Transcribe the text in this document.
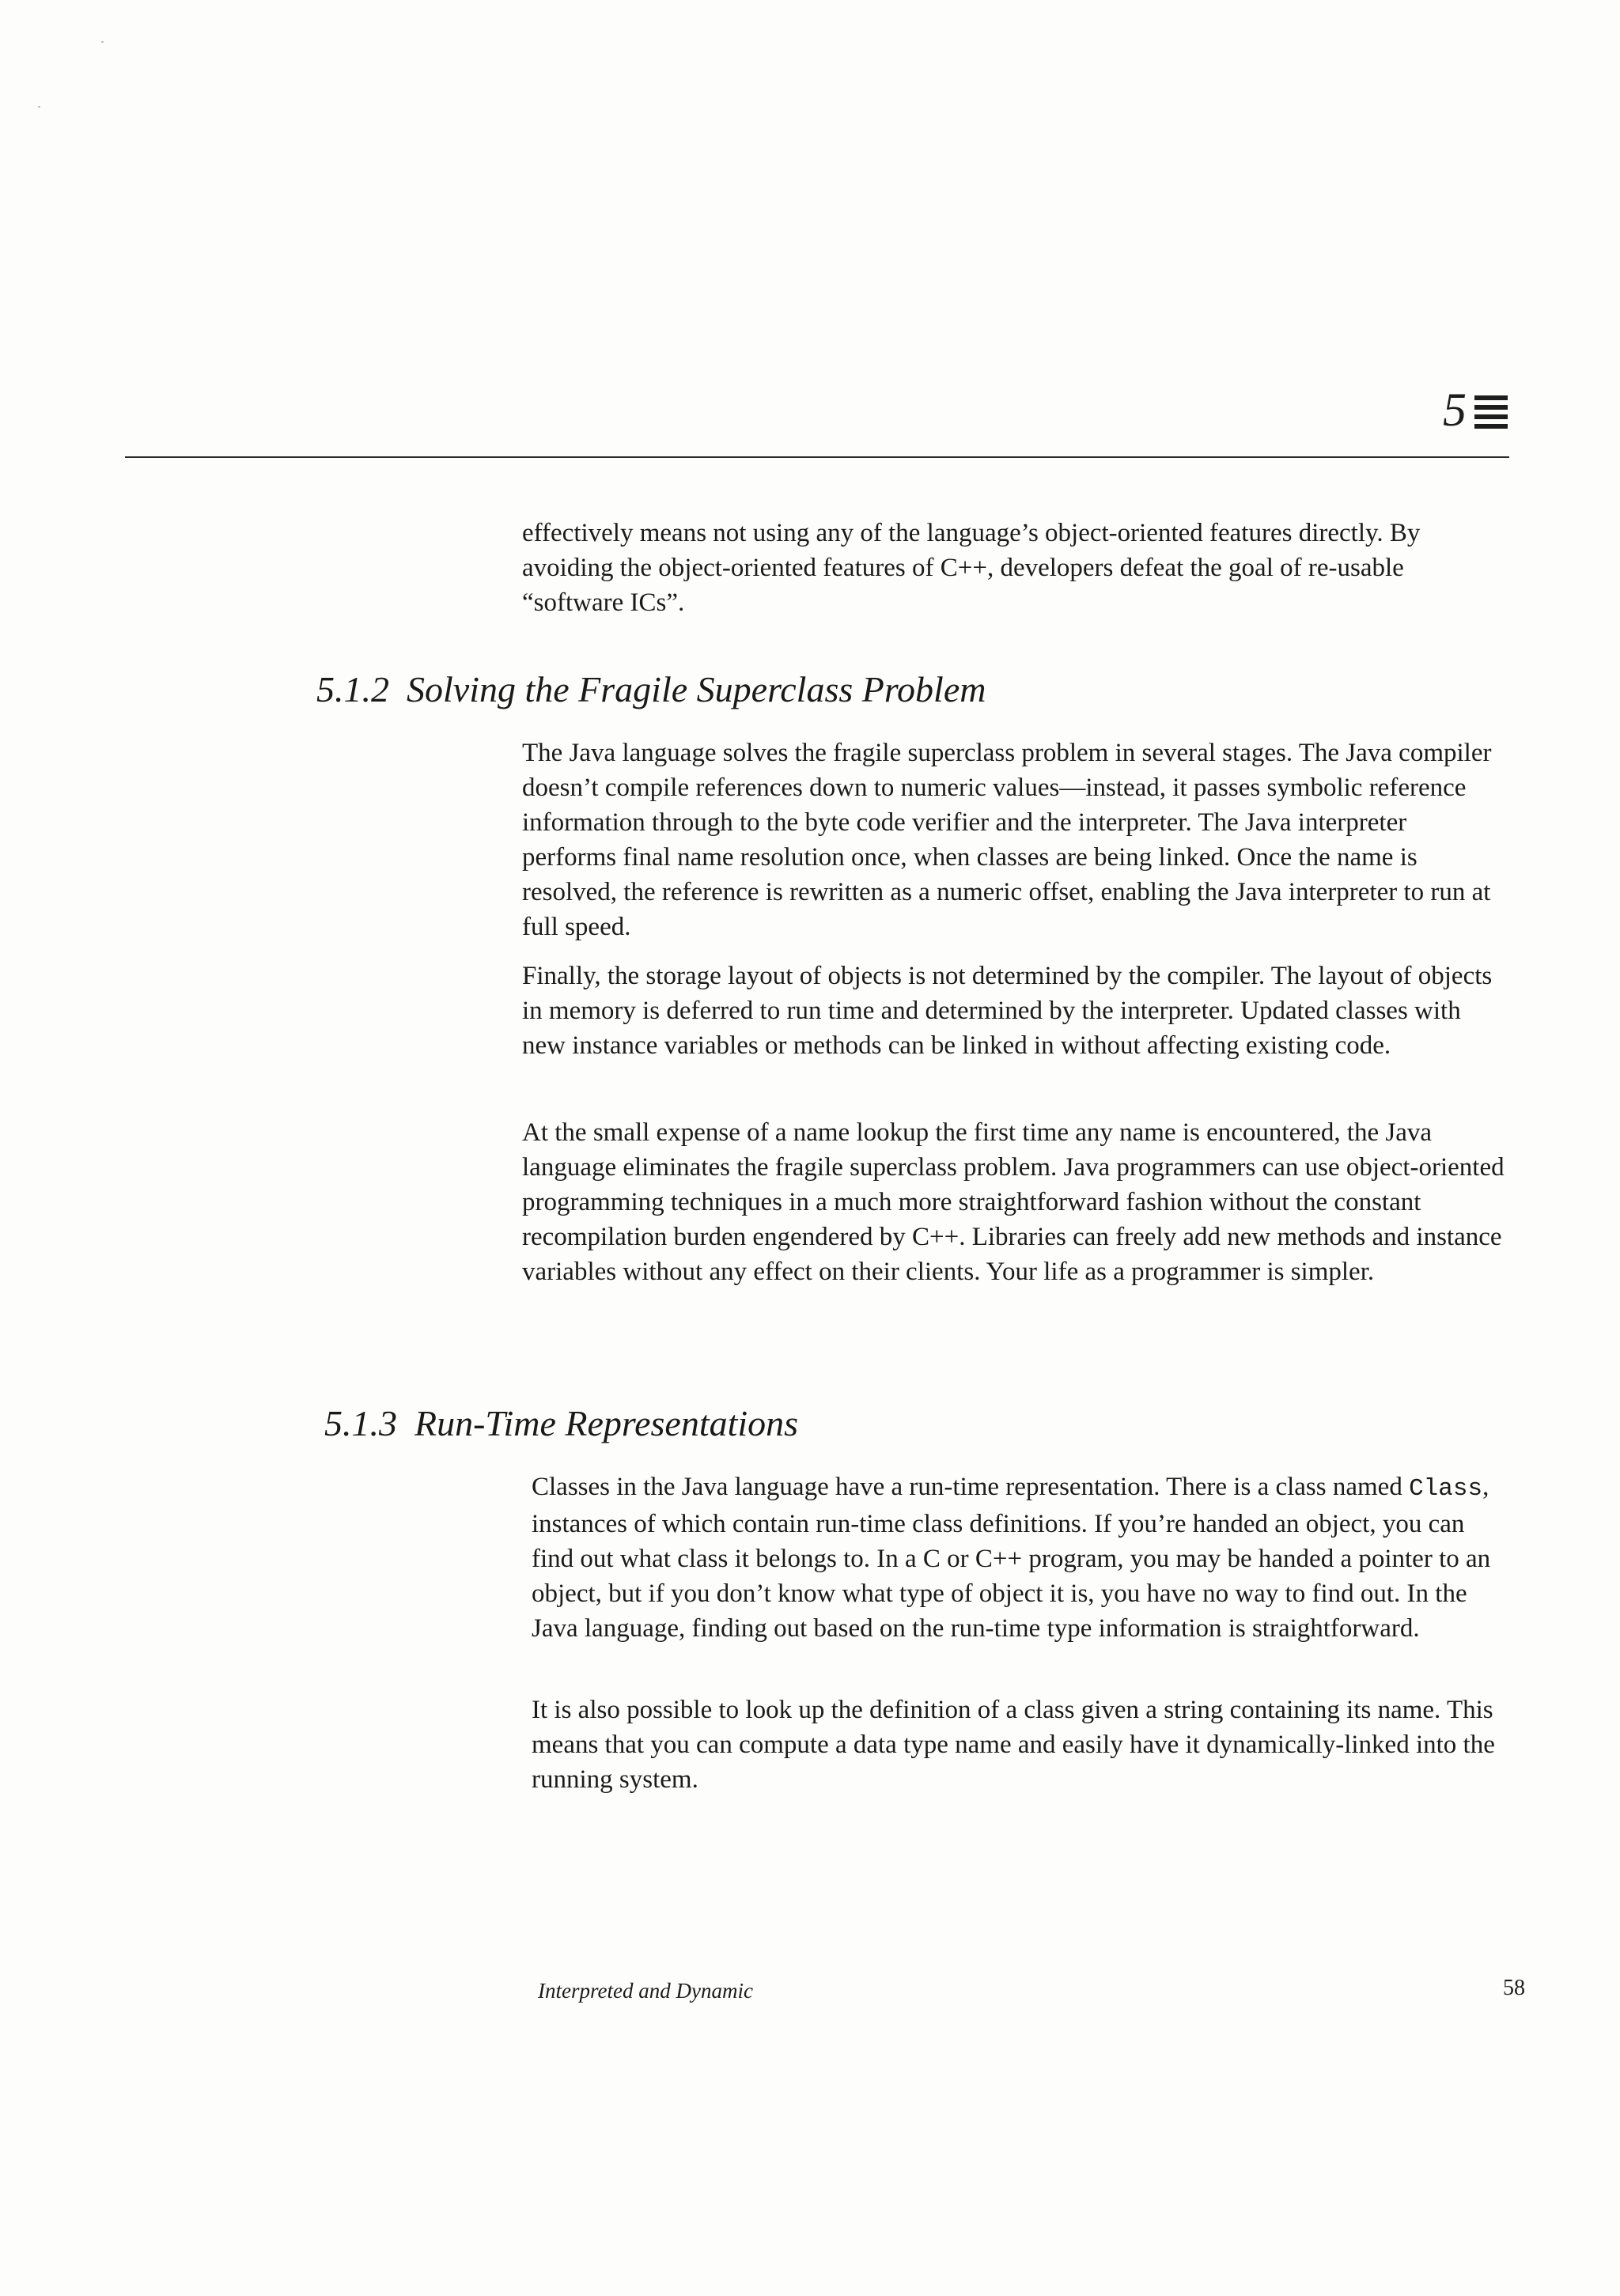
5

effectively means not using any of the language’s object-oriented features directly. By avoiding the object-oriented features of C++, developers defeat the goal of re-usable “software ICs”.

5.1.2 Solving the Fragile Superclass Problem

The Java language solves the fragile superclass problem in several stages. The Java compiler doesn’t compile references down to numeric values—instead, it passes symbolic reference information through to the byte code verifier and the interpreter. The Java interpreter performs final name resolution once, when classes are being linked. Once the name is resolved, the reference is rewritten as a numeric offset, enabling the Java interpreter to run at full speed.

Finally, the storage layout of objects is not determined by the compiler. The layout of objects in memory is deferred to run time and determined by the interpreter. Updated classes with new instance variables or methods can be linked in without affecting existing code.

At the small expense of a name lookup the first time any name is encountered, the Java language eliminates the fragile superclass problem. Java programmers can use object-oriented programming techniques in a much more straightforward fashion without the constant recompilation burden engendered by C++. Libraries can freely add new methods and instance variables without any effect on their clients. Your life as a programmer is simpler.

5.1.3 Run-Time Representations

Classes in the Java language have a run-time representation. There is a class named Class, instances of which contain run-time class definitions. If you’re handed an object, you can find out what class it belongs to. In a C or C++ program, you may be handed a pointer to an object, but if you don’t know what type of object it is, you have no way to find out. In the Java language, finding out based on the run-time type information is straightforward.

It is also possible to look up the definition of a class given a string containing its name. This means that you can compute a data type name and easily have it dynamically-linked into the running system.

Interpreted and Dynamic	58
